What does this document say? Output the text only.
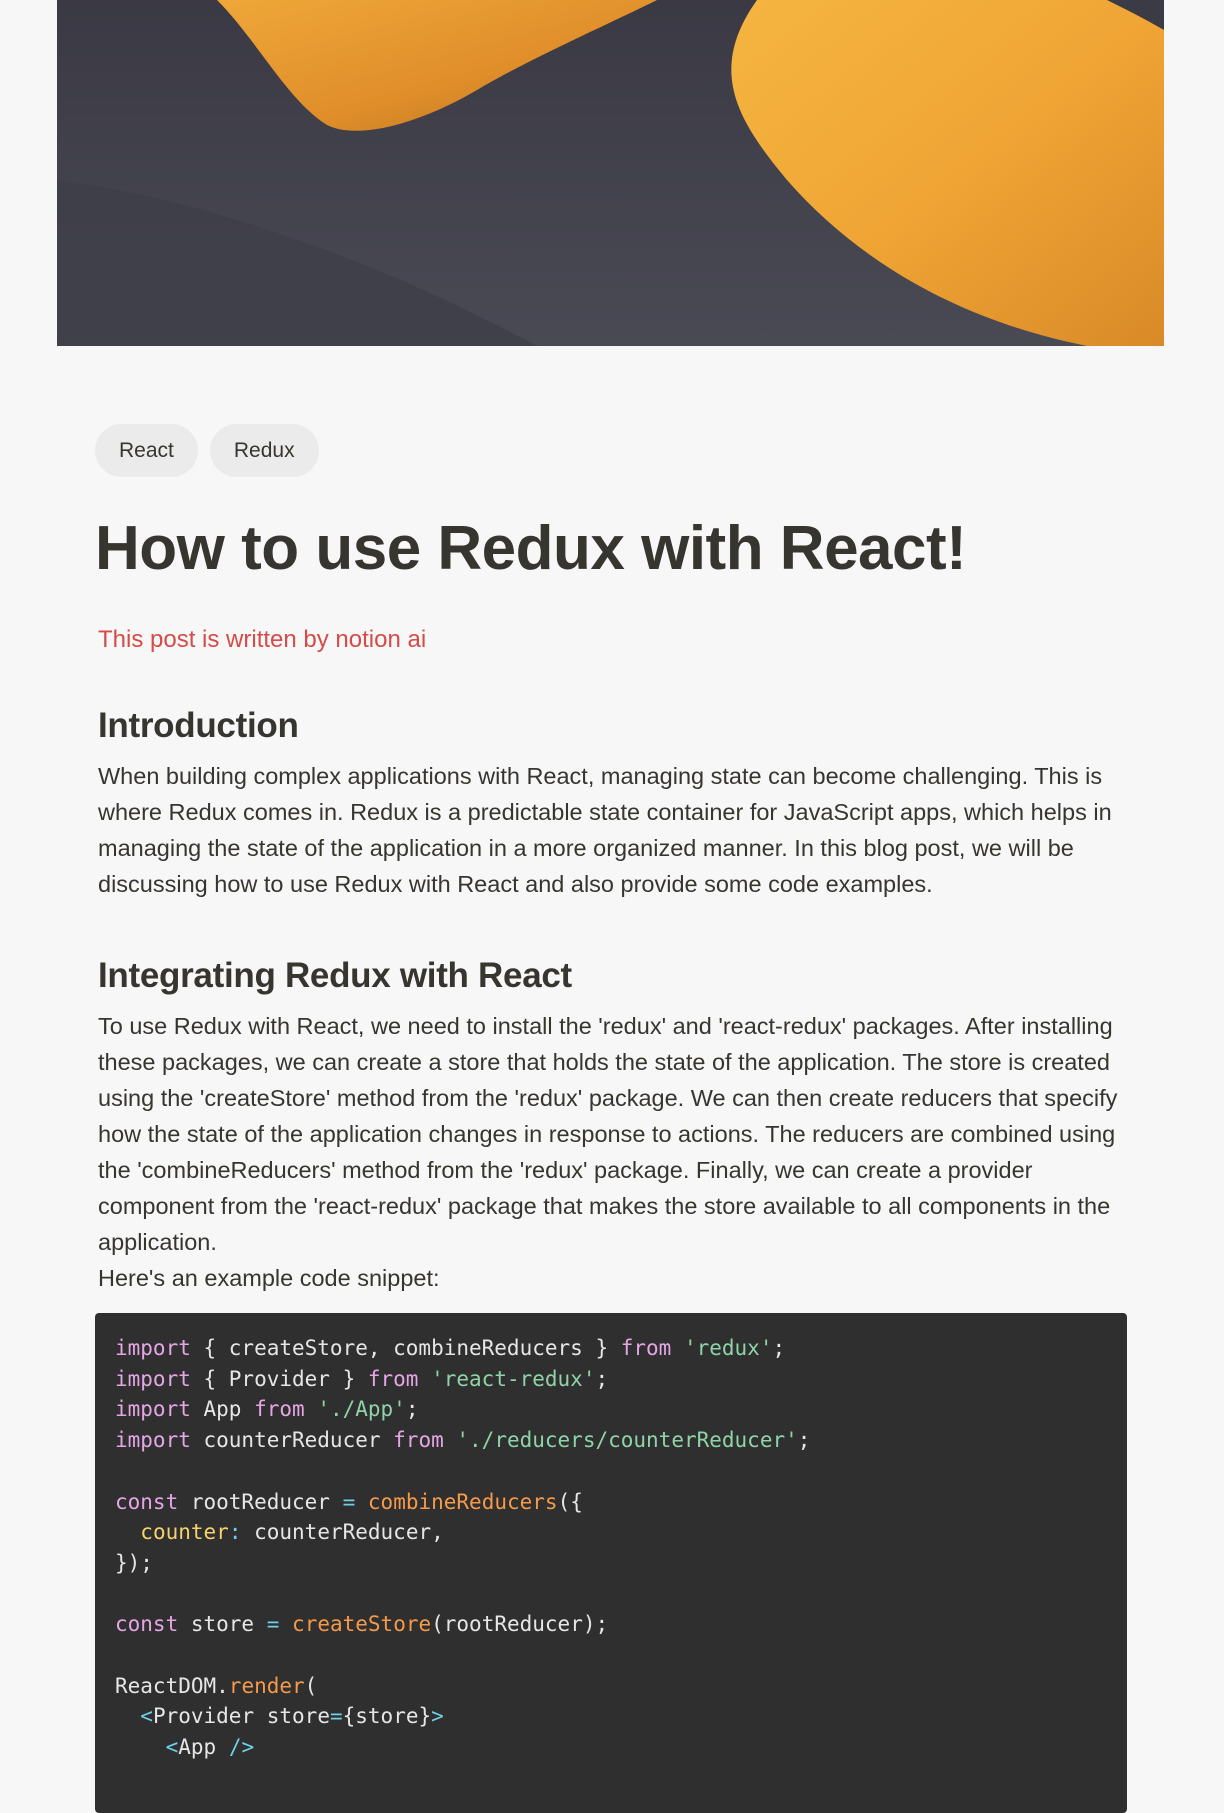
React	Redux
How to use Redux with React!
This post is written by notion ai
Introduction

When building complex applications with React, managing state can become challenging. This is where Redux comes in. Redux is a predictable state container for JavaScript apps, which helps in managing the state of the application in a more organized manner. In this blog post, we will be discussing how to use Redux with React and also provide some code examples.

Integrating Redux with React

To use Redux with React, we need to install the 'redux' and 'react-redux' packages. After installing these packages, we can create a store that holds the state of the application. The store is created using the 'createStore' method from the 'redux' package. We can then create reducers that specify how the state of the application changes in response to actions. The reducers are combined using the 'combineReducers' method from the 'redux' package. Finally, we can create a provider component from the 'react-redux' package that makes the store available to all components in the application.
Here's an example code snippet:

import { createStore, combineReducers } from 'redux';
import { Provider } from 'react-redux';
import App from './App';
import counterReducer from './reducers/counterReducer';

const rootReducer = combineReducers({
counter: counterReducer,
});

const store = createStore(rootReducer);

ReactDOM.render(
<Provider store={store}>
<App />
